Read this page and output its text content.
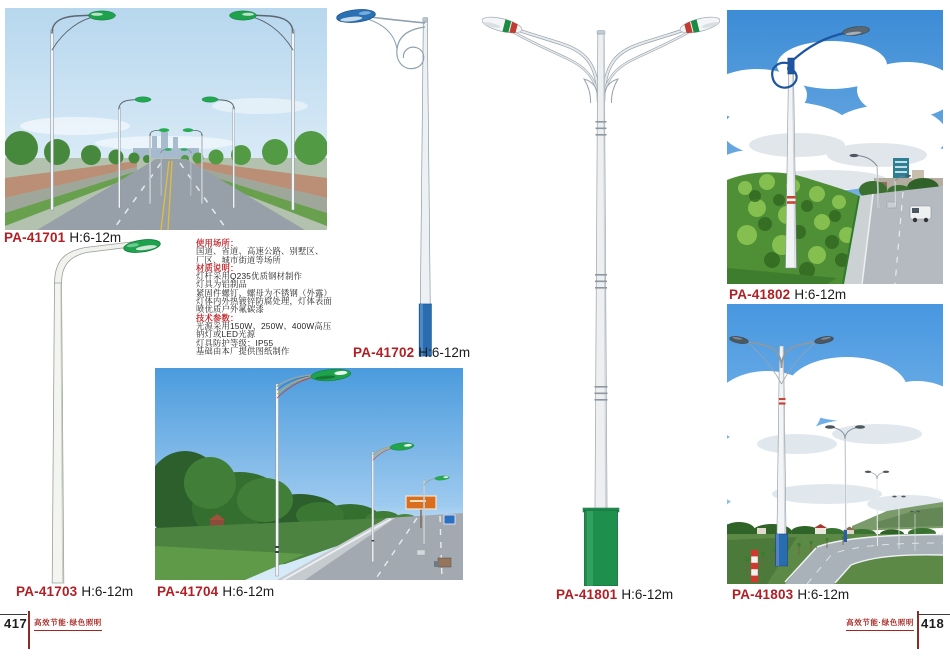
PA-41701 H:6-12m
PA-41703 H:6-12m
使用场所：
国道、省道、高速公路、别墅区、
厂区、城市街道等场所
材质说明：
灯杆采用Q235优质钢材制作
灯具为铝制品
紧固件螺钉、螺母为不锈钢（外露）
灯体内外热镀锌防腐处理，灯体表面
喷优质户外氟碳漆
技术参数：
光源采用150W、250W、400W高压
钠灯或LED光源
灯具防护等级：IP55
基础由本厂提供图纸制作	PA-41702 H:6-12m
PA-41704 H:6-12m	PA-41801 H:6-12m
PA-41802 H:6-12m
PA-41803 H:6-12m
417 高效节能·绿色照明	高效节能·绿色照明 418
